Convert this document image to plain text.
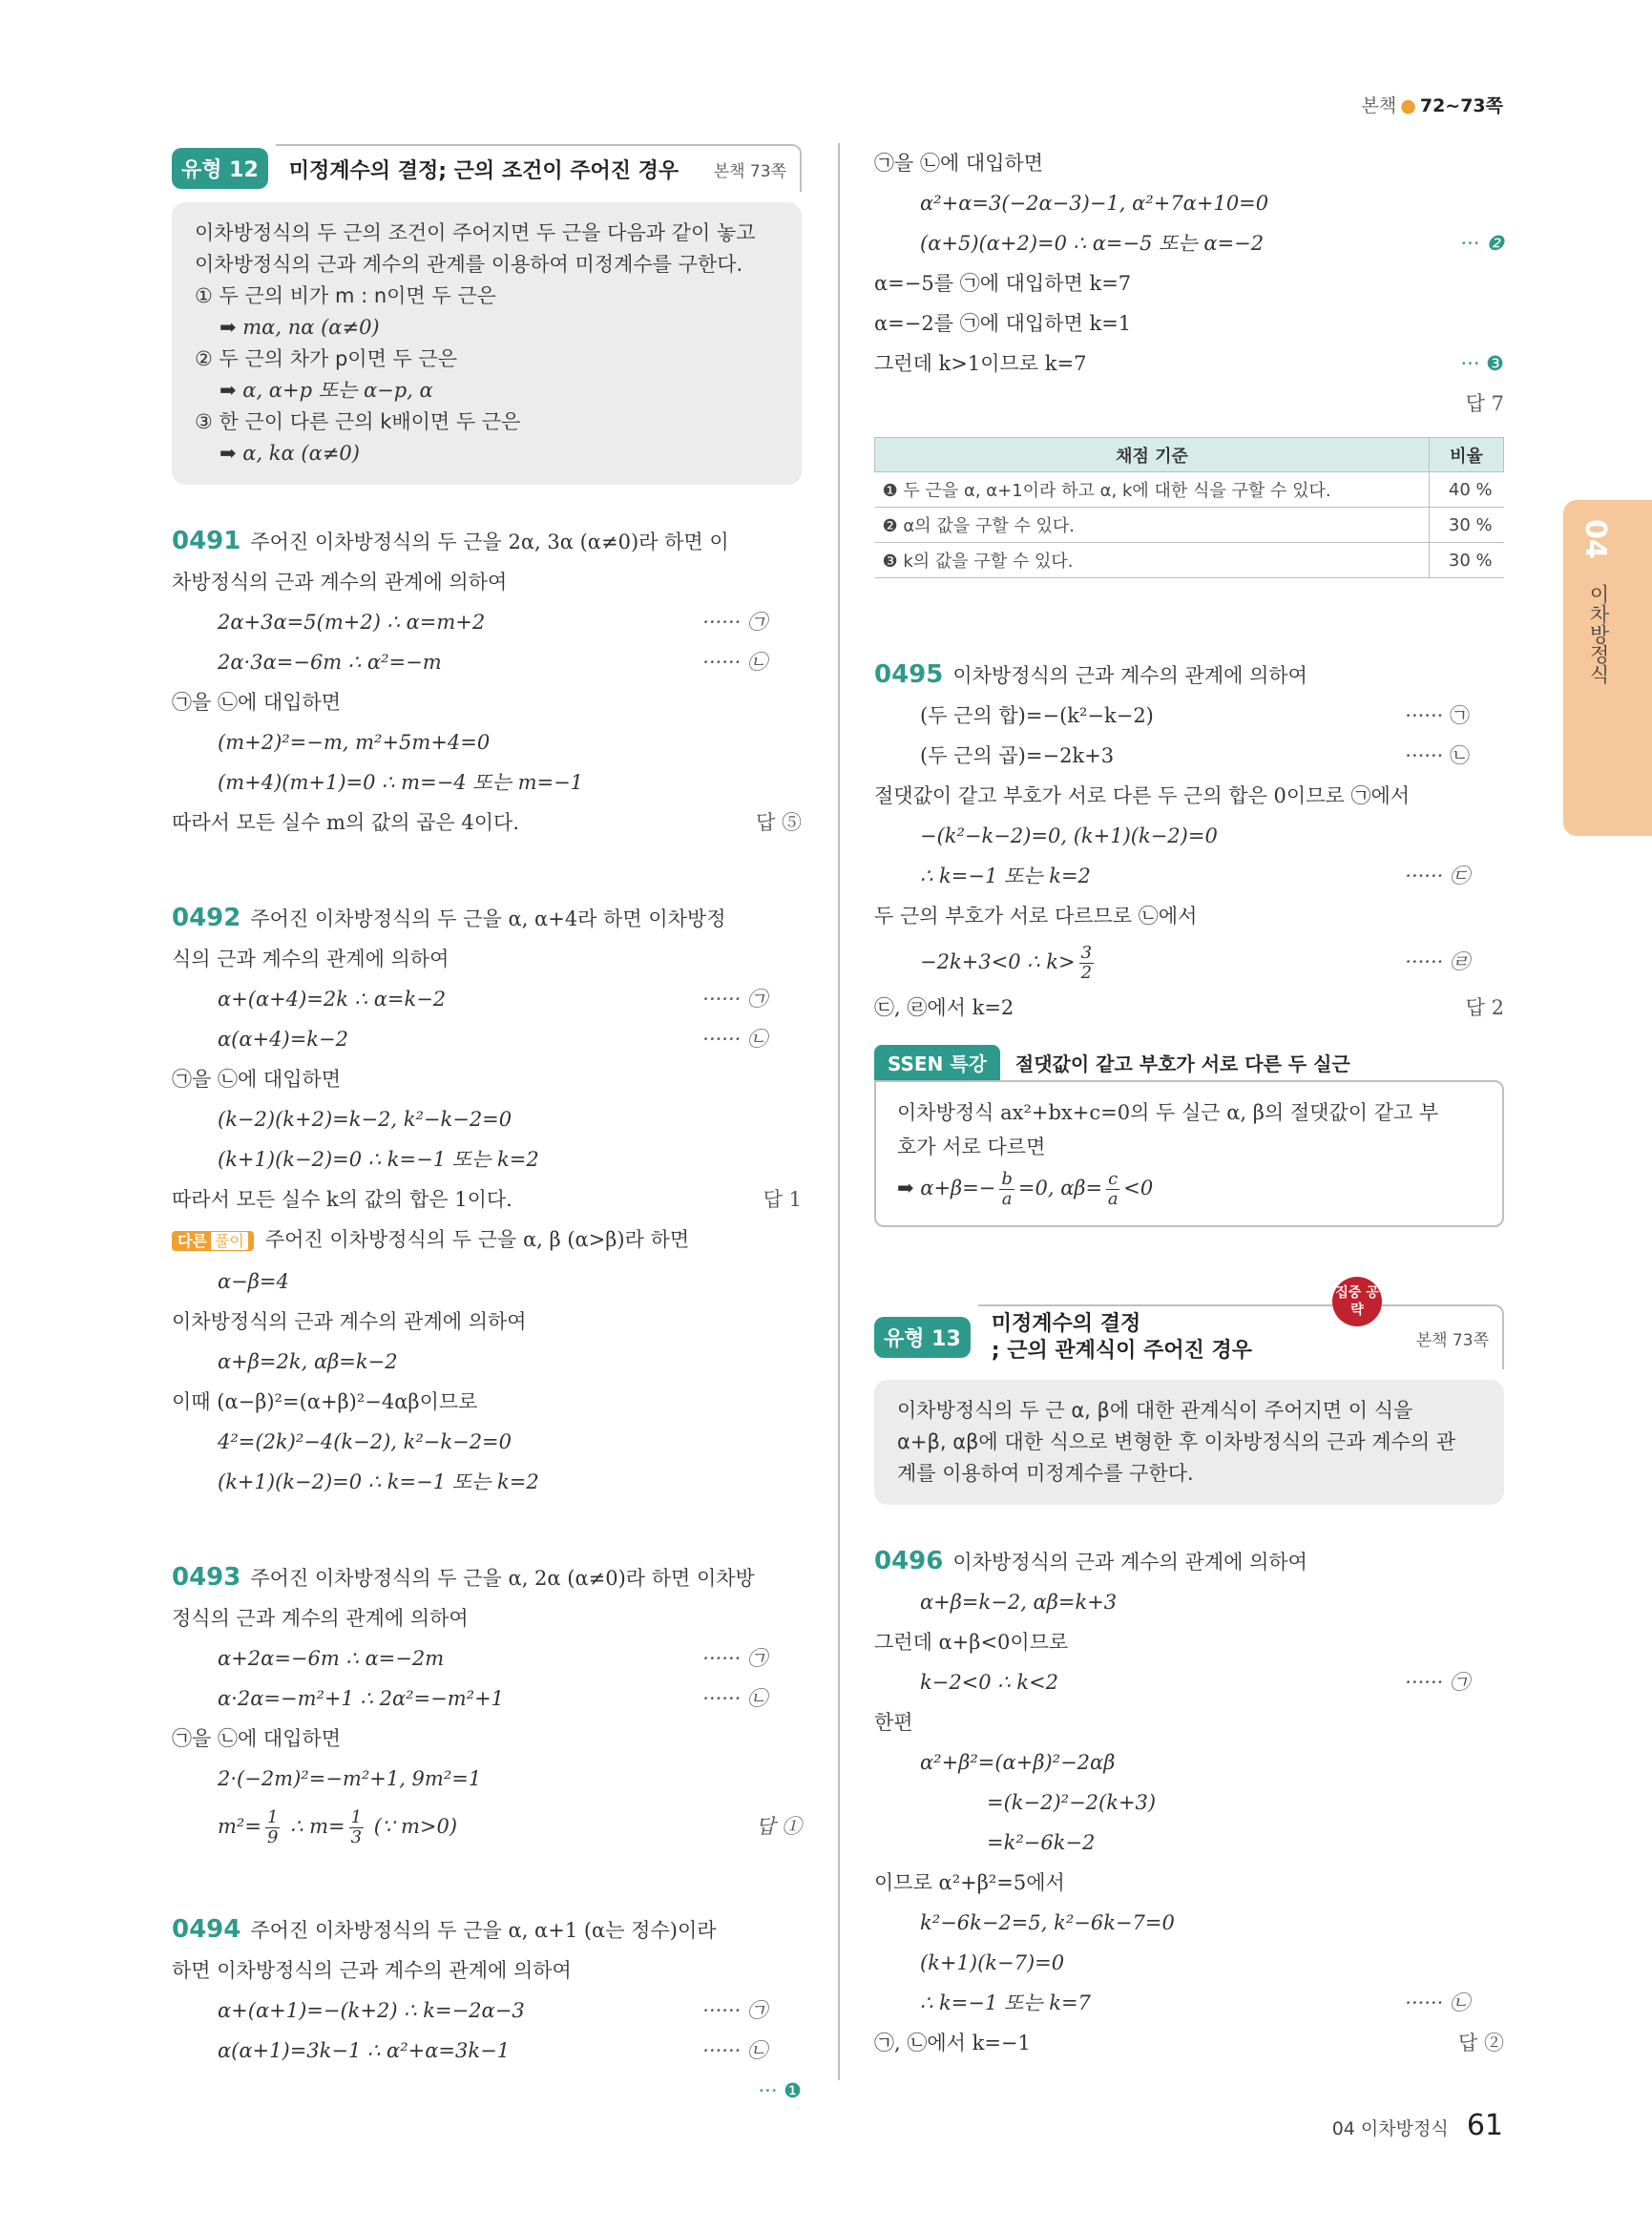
본책 ● 72~73쪽
04
이차방정식
유형 12	미정계수의 결정; 근의 조건이 주어진 경우 본책 73쪽
이차방정식의 두 근의 조건이 주어지면 두 근을 다음과 같이 놓고
이차방정식의 근과 계수의 관계를 이용하여 미정계수를 구한다.
① 두 근의 비가 m : n이면 두 근은
➡ mα, nα (α≠0)
② 두 근의 차가 p이면 두 근은
➡ α, α+p 또는 α−p, α
③ 한 근이 다른 근의 k배이면 두 근은
➡ α, kα (α≠0)
0491 주어진 이차방정식의 두 근을 2α, 3α (α≠0)라 하면 이
차방정식의 근과 계수의 관계에 의하여
2α+3α=5(m+2) ∴ α=m+2	······ ㉠
2α·3α=−6m ∴ α²=−m	······ ㉡
㉠을 ㉡에 대입하면
(m+2)²=−m, m²+5m+4=0
(m+4)(m+1)=0 ∴ m=−4 또는 m=−1
따라서 모든 실수 m의 값의 곱은 4이다.	답 ⑤
0492 주어진 이차방정식의 두 근을 α, α+4라 하면 이차방정
식의 근과 계수의 관계에 의하여
α+(α+4)=2k ∴ α=k−2	······ ㉠
α(α+4)=k−2	······ ㉡
㉠을 ㉡에 대입하면
(k−2)(k+2)=k−2, k²−k−2=0
(k+1)(k−2)=0 ∴ k=−1 또는 k=2
따라서 모든 실수 k의 값의 합은 1이다.	답 1
다른 풀이 주어진 이차방정식의 두 근을 α, β (α>β)라 하면
α−β=4
이차방정식의 근과 계수의 관계에 의하여
α+β=2k, αβ=k−2
이때 (α−β)²=(α+β)²−4αβ이므로
4²=(2k)²−4(k−2), k²−k−2=0
(k+1)(k−2)=0 ∴ k=−1 또는 k=2
0493 주어진 이차방정식의 두 근을 α, 2α (α≠0)라 하면 이차방
정식의 근과 계수의 관계에 의하여
α+2α=−6m ∴ α=−2m	······ ㉠
α·2α=−m²+1 ∴ 2α²=−m²+1	······ ㉡
㉠을 ㉡에 대입하면
2·(−2m)²=−m²+1, 9m²=1
$m^2= \frac{1}{9}$ ∴ $m= \frac{1}{3}$ (∵ m>0)	답 ①
0494 주어진 이차방정식의 두 근을 α, α+1 (α는 정수)이라
하면 이차방정식의 근과 계수의 관계에 의하여
α+(α+1)=−(k+2) ∴ k=−2α−3	······ ㉠
α(α+1)=3k−1 ∴ α²+α=3k−1	······ ㉡
··· ❶

㉠을 ㉡에 대입하면
α²+α=3(−2α−3)−1, α²+7α+10=0
(α+5)(α+2)=0 ∴ α=−5 또는 α=−2	··· ❷
α=−5를 ㉠에 대입하면 k=7
α=−2를 ㉠에 대입하면 k=1
그런데 k>1이므로 k=7	··· ❸
답 7

채점 기준	비율
❶ 두 근을 α, α+1이라 하고 α, k에 대한 식을 구할 수 있다.	40 %
❷ α의 값을 구할 수 있다.	30 %
❸ k의 값을 구할 수 있다.	30 %
0495 이차방정식의 근과 계수의 관계에 의하여
(두 근의 합)=−(k²−k−2)	······ ㉠
(두 근의 곱)=−2k+3	······ ㉡
절댓값이 같고 부호가 서로 다른 두 근의 합은 0이므로 ㉠에서
−(k²−k−2)=0, (k+1)(k−2)=0
∴ k=−1 또는 k=2	······ ㉢
두 근의 부호가 서로 다르므로 ㉡에서
−2k+3<0 ∴ $k> \frac{3}{2}$	······ ㉣
㉢, ㉣에서 k=2	답 2
SSEN 특강	절댓값이 같고 부호가 서로 다른 두 실근
이차방정식 ax²+bx+c=0의 두 실근 α, β의 절댓값이 같고 부
호가 서로 다르면
➡ $\alpha+\beta=- \frac{b}{a} =0$, $\alpha\beta= \frac{c}{a} <0$
유형 13
미정계수의 결정
; 근의 관계식이 주어진 경우	본책 73쪽
집중 공략
이차방정식의 두 근 α, β에 대한 관계식이 주어지면 이 식을
α+β, αβ에 대한 식으로 변형한 후 이차방정식의 근과 계수의 관
계를 이용하여 미정계수를 구한다.
0496 이차방정식의 근과 계수의 관계에 의하여
α+β=k−2, αβ=k+3
그런데 α+β<0이므로
k−2<0 ∴ k<2	······ ㉠
한편
α²+β²=(α+β)²−2αβ
=(k−2)²−2(k+3)
=k²−6k−2
이므로 α²+β²=5에서
k²−6k−2=5, k²−6k−7=0
(k+1)(k−7)=0
∴ k=−1 또는 k=7	······ ㉡
㉠, ㉡에서 k=−1	답 ②
04 이차방정식 61
